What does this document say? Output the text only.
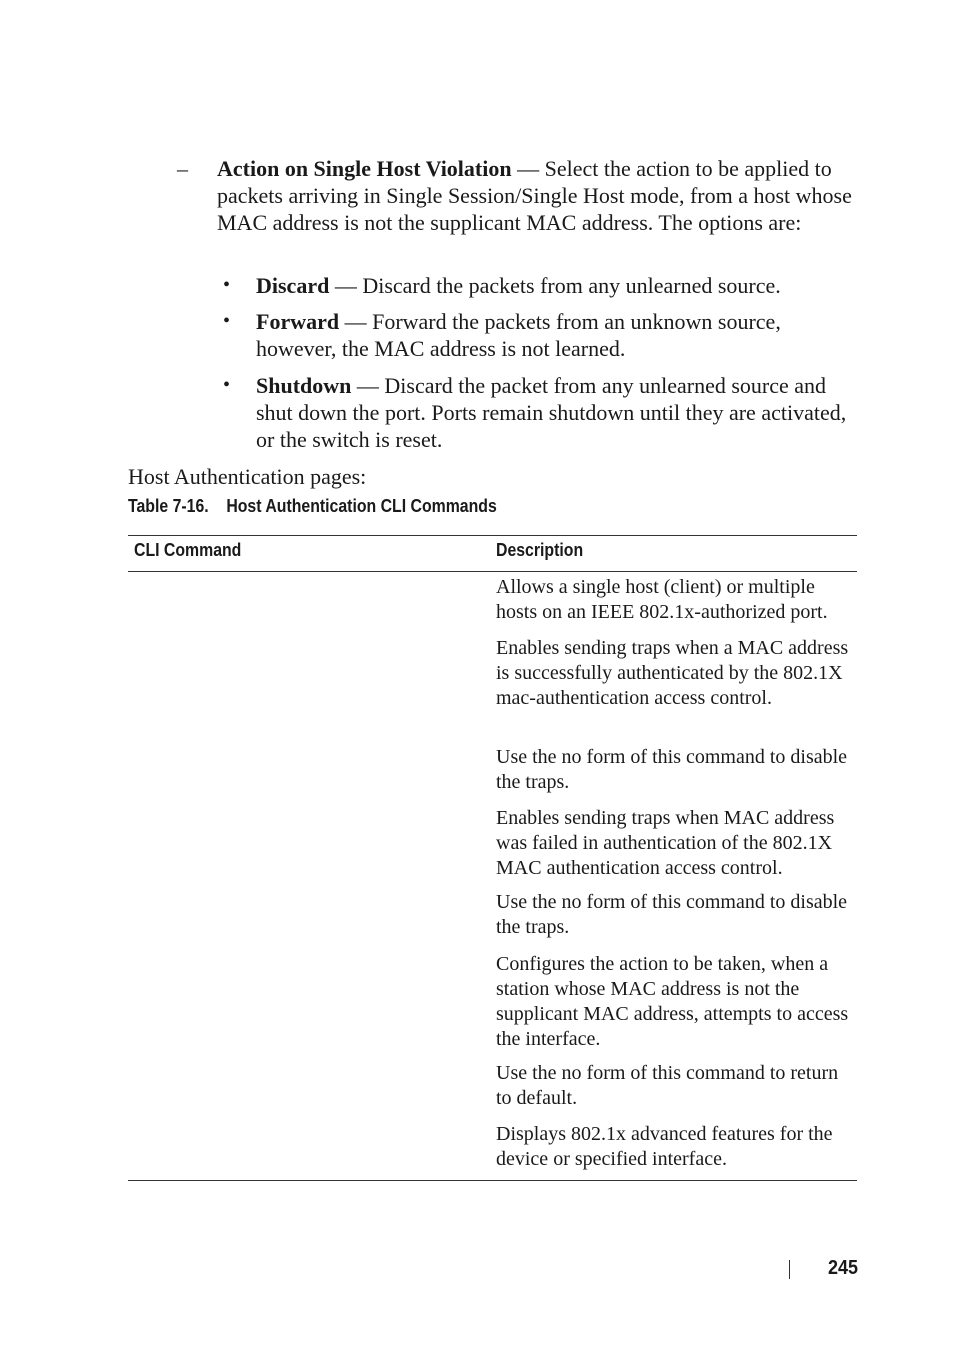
– Action on Single Host Violation — Select the action to be applied to packets arriving in Single Session/Single Host mode, from a host whose MAC address is not the supplicant MAC address. The options are:
• Discard — Discard the packets from any unlearned source.
• Forward — Forward the packets from an unknown source, however, the MAC address is not learned.
• Shutdown — Discard the packet from any unlearned source and shut down the port. Ports remain shutdown until they are activated, or the switch is reset.
Host Authentication pages:
Table 7-16. Host Authentication CLI Commands
CLI Command	Description
Allows a single host (client) or multiple hosts on an IEEE 802.1x-authorized port.
Enables sending traps when a MAC address is successfully authenticated by the 802.1X mac-authentication access control.
Use the no form of this command to disable the traps.
Enables sending traps when MAC address was failed in authentication of the 802.1X MAC authentication access control.
Use the no form of this command to disable the traps.
Configures the action to be taken, when a station whose MAC address is not the supplicant MAC address, attempts to access the interface.
Use the no form of this command to return to default.
Displays 802.1x advanced features for the device or specified interface.
245
